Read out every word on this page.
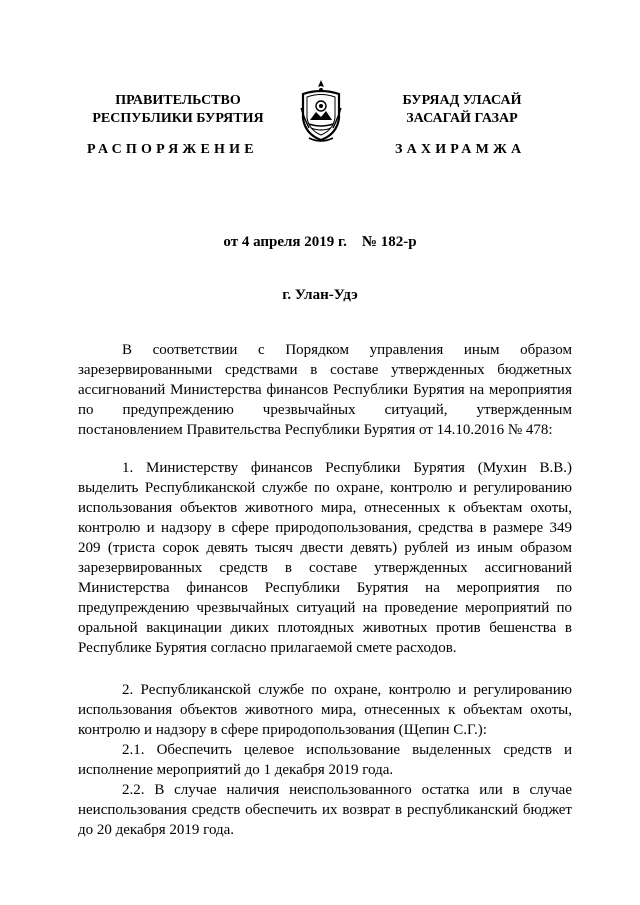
ПРАВИТЕЛЬСТВО
РЕСПУБЛИКИ БУРЯТИЯ
БУРЯАД УЛАСАЙ
ЗАСАГАЙ ГАЗАР
РАСПОРЯЖЕНИЕ	ЗАХИРАМЖА
от 4 апреля 2019 г.    № 182-р
г. Улан-Удэ

В соответствии с Порядком управления иным образом зарезервированными средствами в составе утвержденных бюджетных ассигнований Министерства финансов Республики Бурятия на мероприятия по предупреждению чрезвычайных ситуаций, утвержденным постановлением Правительства Республики Бурятия от 14.10.2016 № 478:

1. Министерству финансов Республики Бурятия (Мухин В.В.) выделить Республиканской службе по охране, контролю и регулированию использования объектов животного мира, отнесенных к объектам охоты, контролю и надзору в сфере природопользования, средства в размере 349 209 (триста сорок девять тысяч двести девять) рублей из иным образом зарезервированных средств в составе утвержденных ассигнований Министерства финансов Республики Бурятия на мероприятия по предупреждению чрезвычайных ситуаций на проведение мероприятий по оральной вакцинации диких плотоядных животных против бешенства в Республике Бурятия согласно прилагаемой смете расходов.

2. Республиканской службе по охране, контролю и регулированию использования объектов животного мира, отнесенных к объектам охоты, контролю и надзору в сфере природопользования (Щепин С.Г.):

2.1. Обеспечить целевое использование выделенных средств и исполнение мероприятий до 1 декабря 2019 года.

2.2. В случае наличия неиспользованного остатка или в случае неиспользования средств обеспечить их возврат в республиканский бюджет до 20 декабря 2019 года.
